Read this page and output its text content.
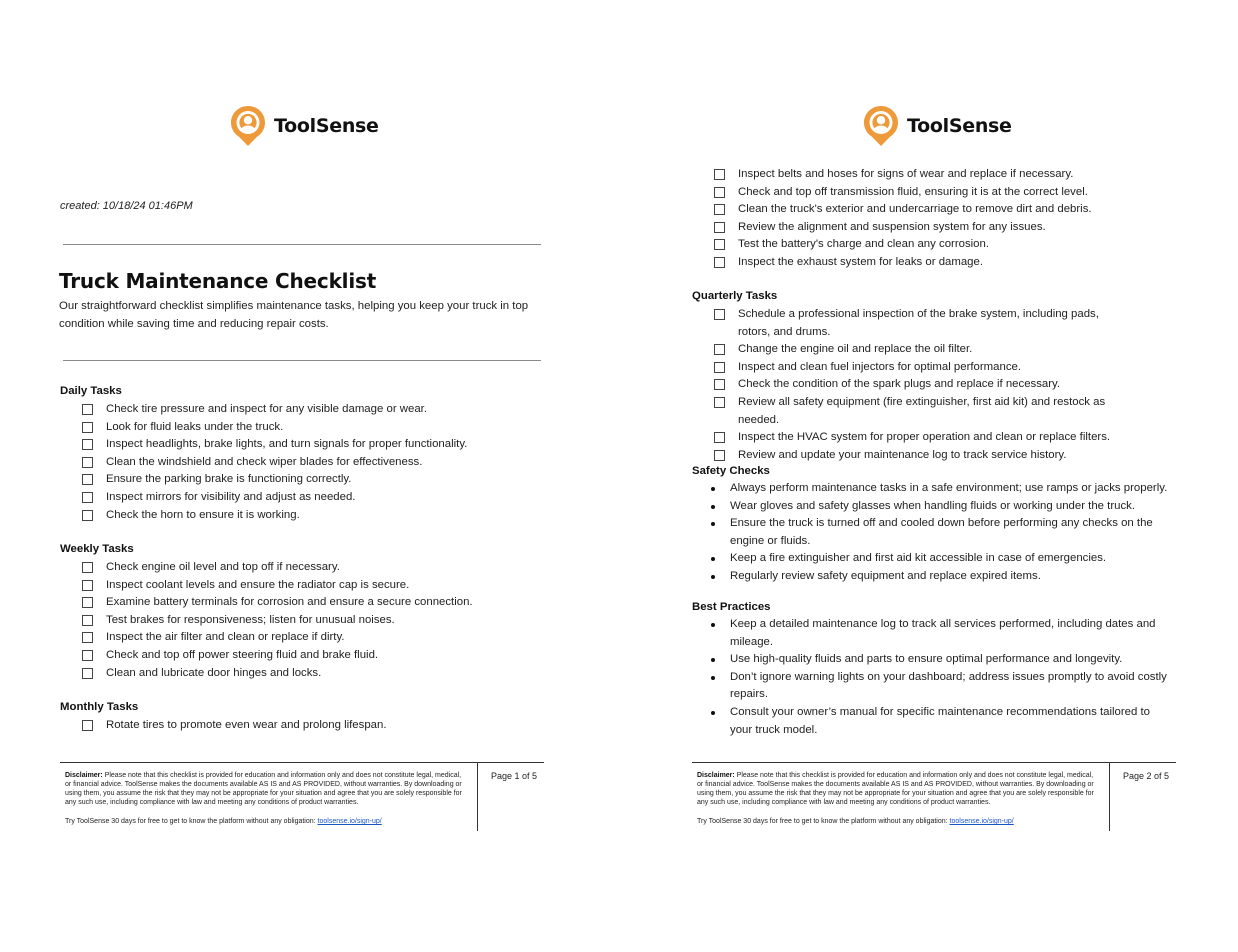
ToolSense
created: 10/18/24 01:46PM
Truck Maintenance Checklist
Our straightforward checklist simplifies maintenance tasks, helping you keep your truck in top condition while saving time and reducing repair costs.
Daily Tasks
Check tire pressure and inspect for any visible damage or wear.
Look for fluid leaks under the truck.
Inspect headlights, brake lights, and turn signals for proper functionality.
Clean the windshield and check wiper blades for effectiveness.
Ensure the parking brake is functioning correctly.
Inspect mirrors for visibility and adjust as needed.
Check the horn to ensure it is working.
Weekly Tasks
Check engine oil level and top off if necessary.
Inspect coolant levels and ensure the radiator cap is secure.
Examine battery terminals for corrosion and ensure a secure connection.
Test brakes for responsiveness; listen for unusual noises.
Inspect the air filter and clean or replace if dirty.
Check and top off power steering fluid and brake fluid.
Clean and lubricate door hinges and locks.
Monthly Tasks
Rotate tires to promote even wear and prolong lifespan.
Disclaimer: Please note that this checklist is provided for education and information only and does not constitute legal, medical, or financial advice. ToolSense makes the documents available AS IS and AS PROVIDED, without warranties. By downloading or using them, you assume the risk that they may not be appropriate for your situation and agree that you are solely responsible for any such use, including compliance with law and meeting any conditions of product warranties.
Try ToolSense 30 days for free to get to know the platform without any obligation: toolsense.io/sign-up/
Page 1 of 5
ToolSense
Inspect belts and hoses for signs of wear and replace if necessary.
Check and top off transmission fluid, ensuring it is at the correct level.
Clean the truck's exterior and undercarriage to remove dirt and debris.
Review the alignment and suspension system for any issues.
Test the battery's charge and clean any corrosion.
Inspect the exhaust system for leaks or damage.
Quarterly Tasks
Schedule a professional inspection of the brake system, including pads, rotors, and drums.
Change the engine oil and replace the oil filter.
Inspect and clean fuel injectors for optimal performance.
Check the condition of the spark plugs and replace if necessary.
Review all safety equipment (fire extinguisher, first aid kit) and restock as needed.
Inspect the HVAC system for proper operation and clean or replace filters.
Review and update your maintenance log to track service history.
Safety Checks
Always perform maintenance tasks in a safe environment; use ramps or jacks properly.
Wear gloves and safety glasses when handling fluids or working under the truck.
Ensure the truck is turned off and cooled down before performing any checks on the engine or fluids.
Keep a fire extinguisher and first aid kit accessible in case of emergencies.
Regularly review safety equipment and replace expired items.
Best Practices
Keep a detailed maintenance log to track all services performed, including dates and mileage.
Use high-quality fluids and parts to ensure optimal performance and longevity.
Don’t ignore warning lights on your dashboard; address issues promptly to avoid costly repairs.
Consult your owner’s manual for specific maintenance recommendations tailored to your truck model.
Disclaimer: Please note that this checklist is provided for education and information only and does not constitute legal, medical, or financial advice. ToolSense makes the documents available AS IS and AS PROVIDED, without warranties. By downloading or using them, you assume the risk that they may not be appropriate for your situation and agree that you are solely responsible for any such use, including compliance with law and meeting any conditions of product warranties.
Try ToolSense 30 days for free to get to know the platform without any obligation: toolsense.io/sign-up/
Page 2 of 5
